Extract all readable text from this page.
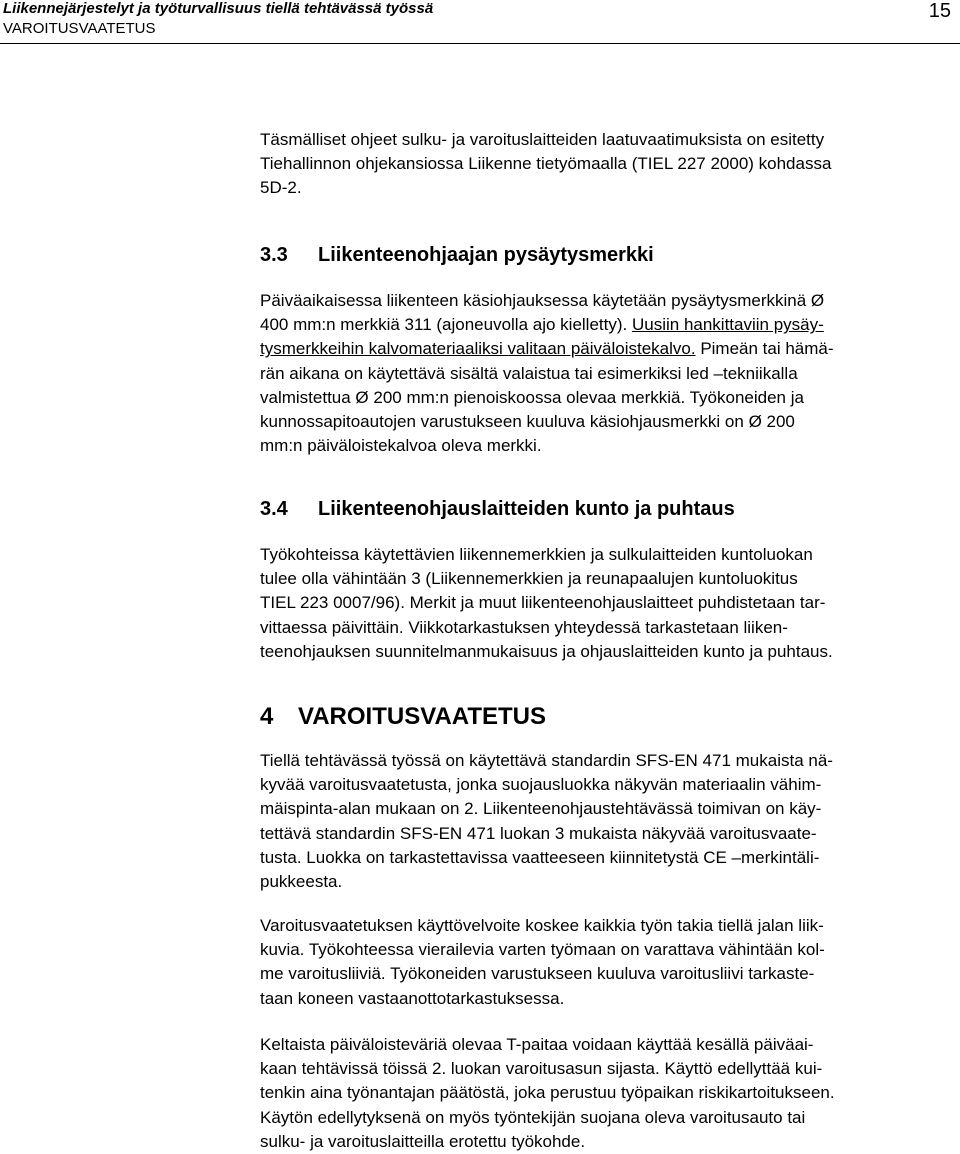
Liikennejärjestelyt ja työturvallisuus tiellä tehtävässä työssä
VAROITUSVAATETUS
15

Täsmälliset ohjeet sulku- ja varoituslaitteiden laatuvaatimuksista on esitetty
Tiehallinnon ohjekansiossa Liikenne tietyömaalla (TIEL 227 2000) kohdassa
5D-2.

3.3 Liikenteenohjaajan pysäytysmerkki

Päiväaikaisessa liikenteen käsiohjauksessa käytetään pysäytysmerkkinä Ø
400 mm:n merkkiä 311 (ajoneuvolla ajo kielletty). Uusiin hankittaviin pysäy-
tysmerkkeihin kalvomateriaaliksi valitaan päiväloistekalvo. Pimeän tai hämä-
rän aikana on käytettävä sisältä valaistua tai esimerkiksi led –tekniikalla
valmistettua Ø 200 mm:n pienoiskoossa olevaa merkkiä. Työkoneiden ja
kunnossapitoautojen varustukseen kuuluva käsiohjausmerkki on Ø 200
mm:n päiväloistekalvoa oleva merkki.

3.4 Liikenteenohjauslaitteiden kunto ja puhtaus

Työkohteissa käytettävien liikennemerkkien ja sulkulaitteiden kuntoluokan
tulee olla vähintään 3 (Liikennemerkkien ja reunapaalujen kuntoluokitus
TIEL 223 0007/96). Merkit ja muut liikenteenohjauslaitteet puhdistetaan tar-
vittaessa päivittäin. Viikkotarkastuksen yhteydessä tarkastetaan liiken-
teenohjauksen suunnitelmanmukaisuus ja ohjauslaitteiden kunto ja puhtaus.

4 VAROITUSVAATETUS

Tiellä tehtävässä työssä on käytettävä standardin SFS-EN 471 mukaista nä-
kyvää varoitusvaatetusta, jonka suojausluokka näkyvän materiaalin vähim-
mäispinta-alan mukaan on 2. Liikenteenohjaustehtävässä toimivan on käy-
tettävä standardin SFS-EN 471 luokan 3 mukaista näkyvää varoitusvaate-
tusta. Luokka on tarkastettavissa vaatteeseen kiinnitetystä CE –merkintäli-
pukkeesta.

Varoitusvaatetuksen käyttövelvoite koskee kaikkia työn takia tiellä jalan liik-
kuvia. Työkohteessa vierailevia varten työmaan on varattava vähintään kol-
me varoitusliiviä. Työkoneiden varustukseen kuuluva varoitusliivi tarkaste-
taan koneen vastaanottotarkastuksessa.

Keltaista päiväloisteväriä olevaa T-paitaa voidaan käyttää kesällä päiväai-
kaan tehtävissä töissä 2. luokan varoitusasun sijasta. Käyttö edellyttää kui-
tenkin aina työnantajan päätöstä, joka perustuu työpaikan riskikartoitukseen.
Käytön edellytyksenä on myös työntekijän suojana oleva varoitusauto tai
sulku- ja varoituslaitteilla erotettu työkohde.
